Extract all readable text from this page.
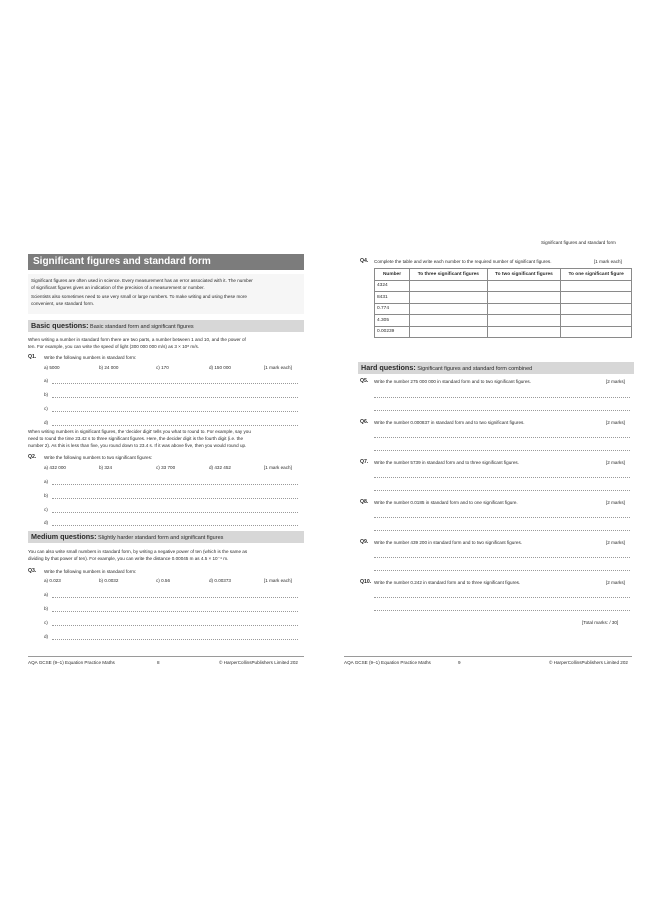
Significant figures and standard form
Significant figures are often used in science. Every measurement has an error associated with it. The number
of significant figures gives an indication of the precision of a measurement or number.
Scientists also sometimes need to use very small or large numbers. To make writing and using these more
convenient, use standard form.
Basic questions: Basic standard form and significant figures
When writing a number in standard form there are two parts, a number between 1 and 10, and the power of
ten. For example, you can write the speed of light (300 000 000 m/s) as 3 × 10⁸ m/s.
Q1. Write the following numbers in standard form:
a) 5000	b) 24 000	c) 170	d) 150 000	[1 mark each]
a)
b)
c)
d)
When writing numbers in significant figures, the 'decider digit' tells you what to round to. For example, say you
need to round the time 23.42 s to three significant figures. Here, the decider digit is the fourth digit (i.e. the
number 2). As this is less than five, you round down to 23.4 s. If it was above five, then you would round up.
Q2. Write the following numbers to two significant figures:
a) 432 000	b) 324	c) 33 700	d) 432 452	[1 mark each]
a)
b)
c)
d)
Medium questions: Slightly harder standard form and significant figures
You can also write small numbers in standard form, by writing a negative power of ten (which is the same as
dividing by that power of ten). For example, you can write the distance 0.00045 m as 4.5 × 10⁻⁴ m.
Q3. Write the following numbers in standard form:
a) 0.023	b) 0.0032	c) 0.56	d) 0.00373	[1 mark each]
a)
b)
c)
d)
AQA GCSE (9–1) Equation Practice Maths	8	© HarperCollinsPublishers Limited 202
Significant figures and standard form
Q4. Complete the table and write each number to the required number of significant figures.	[1 mark each]
Number	To three significant figures	To two significant figures	To one significant figure
4324			
8431			
0.774			
4.305			
0.00239			
Hard questions: Significant figures and standard form combined
Q5. Write the number 275 000 000 in standard form and to two significant figures.	[2 marks]
Q6. Write the number 0.000837 in standard form and to two significant figures.	[2 marks]
Q7. Write the number 5739 in standard form and to three significant figures.	[2 marks]
Q8. Write the number 0.0185 in standard form and to one significant figure.	[2 marks]
Q9. Write the number 439 200 in standard form and to two significant figures.	[2 marks]
Q10. Write the number 0.242 in standard form and to three significant figures.	[2 marks]
[Total marks: / 30]
AQA GCSE (9–1) Equation Practice Maths	9	© HarperCollinsPublishers Limited 202
